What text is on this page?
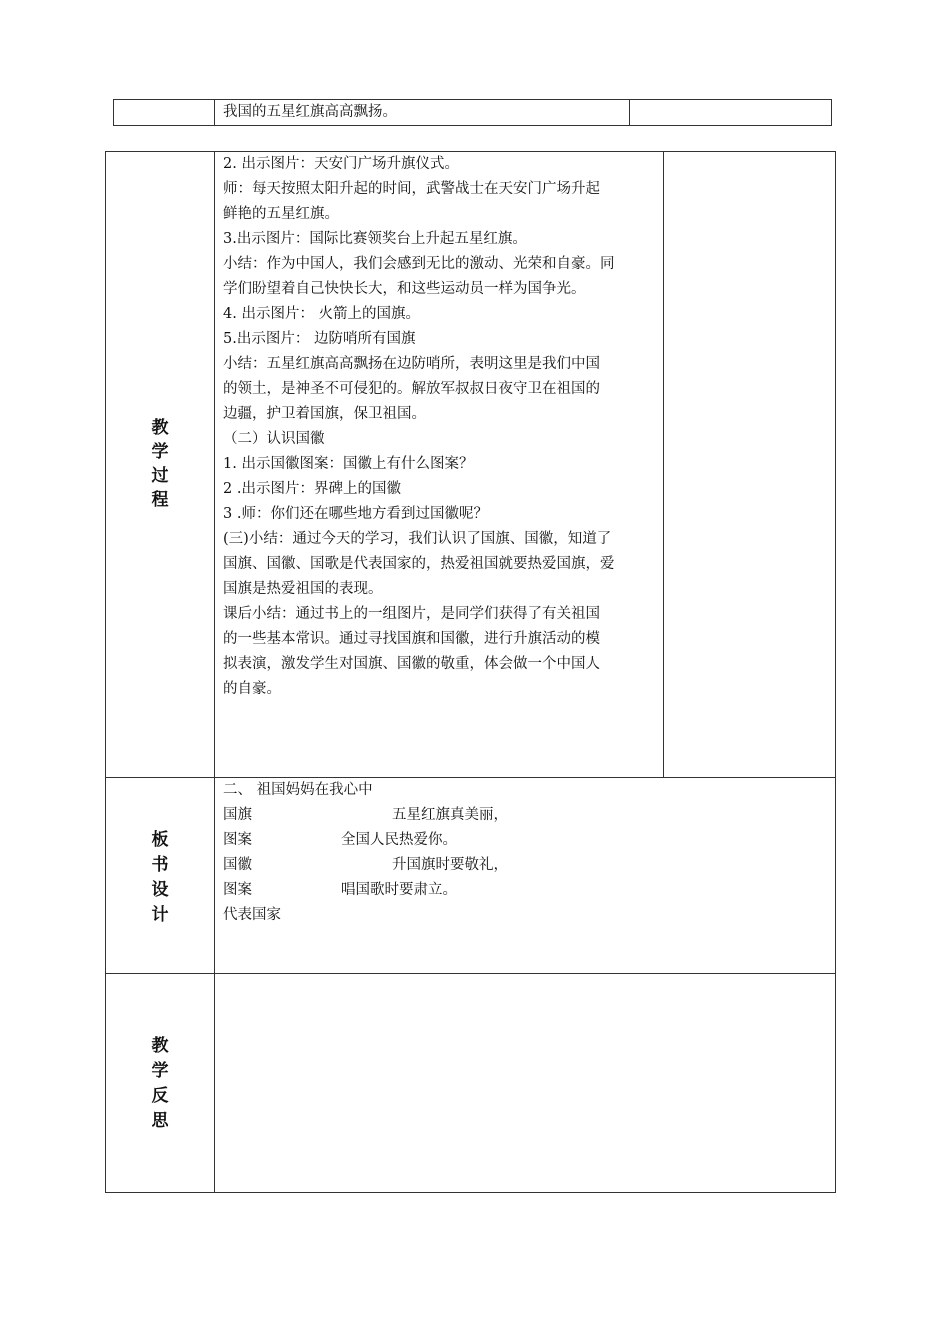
我国的五星红旗高高飘扬。
教
学
过
程
2. 出示图片：天安门广场升旗仪式。
师：每天按照太阳升起的时间，武警战士在天安门广场升起
鲜艳的五星红旗。
3.出示图片：国际比赛领奖台上升起五星红旗。
小结：作为中国人，我们会感到无比的激动、光荣和自豪。同
学们盼望着自己快快长大，和这些运动员一样为国争光。
4. 出示图片： 火箭上的国旗。
5.出示图片： 边防哨所有国旗
小结：五星红旗高高飘扬在边防哨所，表明这里是我们中国
的领土，是神圣不可侵犯的。解放军叔叔日夜守卫在祖国的
边疆，护卫着国旗，保卫祖国。
（二）认识国徽
1. 出示国徽图案：国徽上有什么图案？
2 .出示图片：界碑上的国徽
3 .师：你们还在哪些地方看到过国徽呢？
(三)小结：通过今天的学习，我们认识了国旗、国徽，知道了
国旗、国徽、国歌是代表国家的，热爱祖国就要热爱国旗，爱
国旗是热爱祖国的表现。
课后小结：通过书上的一组图片，是同学们获得了有关祖国
的一些基本常识。通过寻找国旗和国徽，进行升旗活动的模
拟表演，激发学生对国旗、国徽的敬重，体会做一个中国人
的自豪。
板
书
设
计
二、 祖国妈妈在我心中
国旗
图案
国徽
图案
代表国家
五星红旗真美丽，
全国人民热爱你。
升国旗时要敬礼，
唱国歌时要肃立。
教
学
反
思
